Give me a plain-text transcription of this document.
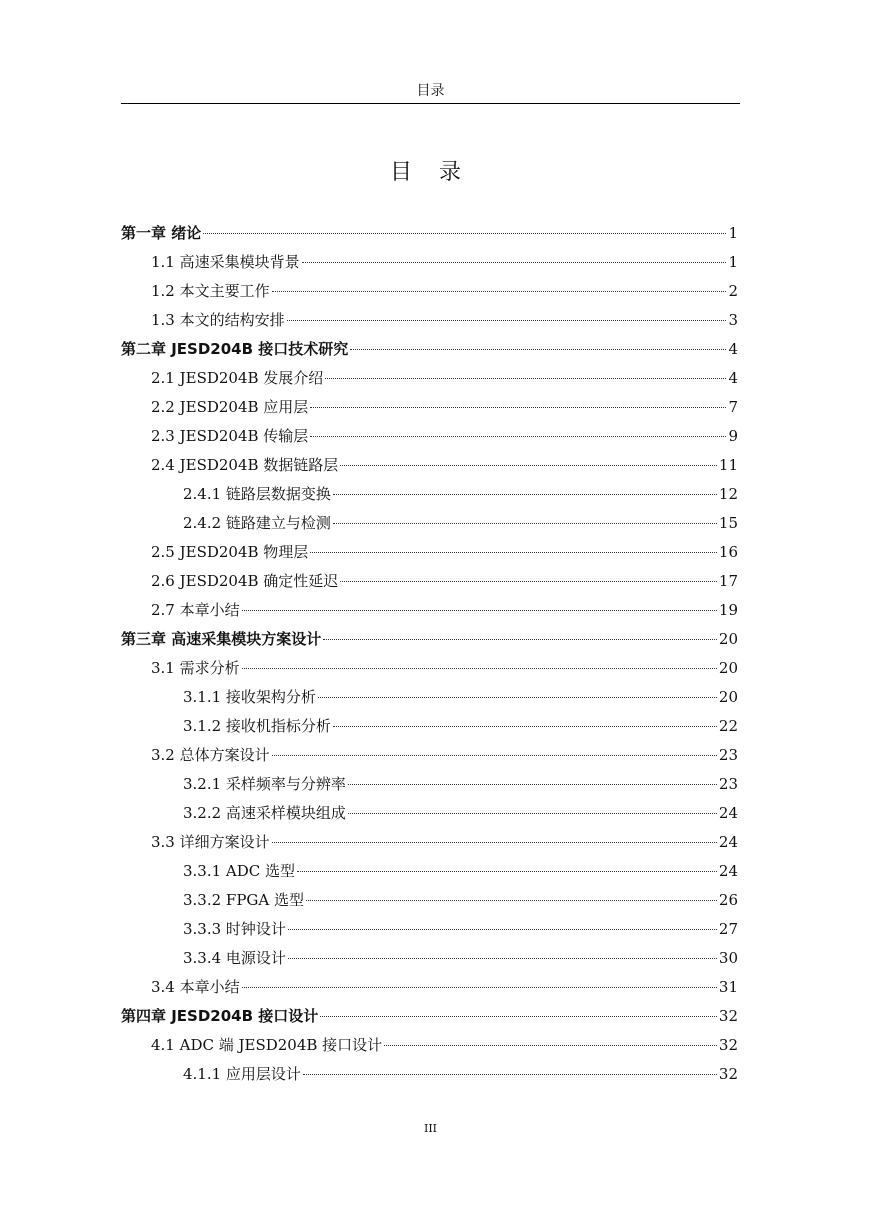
目录
目 录
第一章 绪论	1
1.1 高速采集模块背景	1
1.2 本文主要工作	2
1.3 本文的结构安排	3
第二章 JESD204B 接口技术研究	4
2.1 JESD204B 发展介绍	4
2.2 JESD204B 应用层	7
2.3 JESD204B 传输层	9
2.4 JESD204B 数据链路层	11
2.4.1 链路层数据变换	12
2.4.2 链路建立与检测	15
2.5 JESD204B 物理层	16
2.6 JESD204B 确定性延迟	17
2.7 本章小结	19
第三章 高速采集模块方案设计	20
3.1 需求分析	20
3.1.1 接收架构分析	20
3.1.2 接收机指标分析	22
3.2 总体方案设计	23
3.2.1 采样频率与分辨率	23
3.2.2 高速采样模块组成	24
3.3 详细方案设计	24
3.3.1 ADC 选型	24
3.3.2 FPGA 选型	26
3.3.3 时钟设计	27
3.3.4 电源设计	30
3.4 本章小结	31
第四章 JESD204B 接口设计	32
4.1 ADC 端 JESD204B 接口设计	32
4.1.1 应用层设计	32
III
